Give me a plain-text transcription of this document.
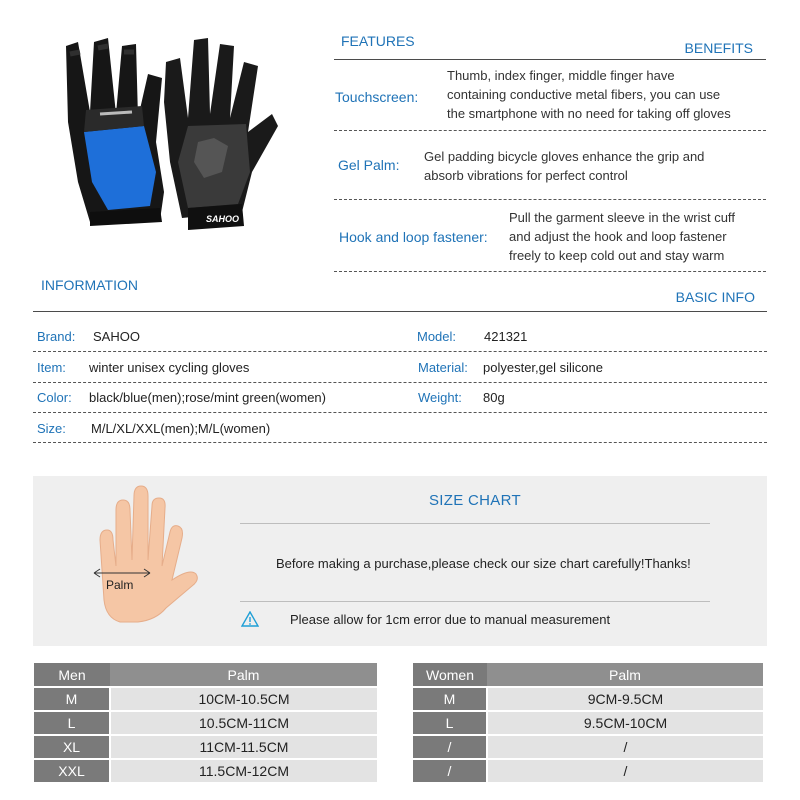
SAHOO
FEATURES	BENEFITS
Touchscreen:
Thumb, index finger, middle finger have
containing conductive metal fibers, you can use
the smartphone with no need for taking off gloves
Gel Palm:
Gel padding bicycle gloves enhance the grip and
absorb vibrations for perfect control
Hook and loop fastener:
Pull the garment sleeve in the wrist cuff
and adjust the hook and loop fastener
freely to keep cold out and stay warm
INFORMATION
BASIC INFO
Brand: SAHOO	Model: 421321
Item: winter unisex cycling gloves	Material: polyester,gel silicone
Color: black/blue(men);rose/mint green(women)	Weight: 80g
Size: M/L/XL/XXL(men);M/L(women)
Palm
SIZE CHART
Before making a purchase,please check our size chart carefully!Thanks!
Please allow for 1cm error due to manual measurement
Men	Palm
M	10CM-10.5CM
L	10.5CM-11CM
XL	11CM-11.5CM
XXL	11.5CM-12CM
Women	Palm
M	9CM-9.5CM
L	9.5CM-10CM
/	/
/	/
